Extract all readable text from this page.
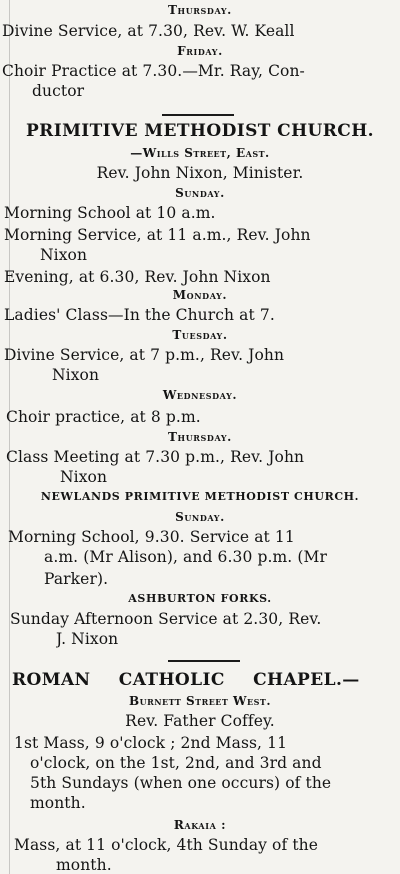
Thursday.

Divine Service, at 7.30, Rev. W. Keall

Friday.

Choir Practice at 7.30.—Mr. Ray, Con-

ductor

PRIMITIVE METHODIST CHURCH.

—Wills Street, East.

Rev. John Nixon, Minister.

Sunday.

Morning School at 10 a.m.

Morning Service, at 11 a.m., Rev. John

Nixon

Evening, at 6.30, Rev. John Nixon

Monday.

Ladies' Class—In the Church at 7.

Tuesday.

Divine Service, at 7 p.m., Rev. John

Nixon

Wednesday.

Choir practice, at 8 p.m.

Thursday.

Class Meeting at 7.30 p.m., Rev. John

Nixon

NEWLANDS PRIMITIVE METHODIST CHURCH.

Sunday.

Morning School, 9.30. Service at 11

a.m. (Mr Alison), and 6.30 p.m. (Mr

Parker).

ASHBURTON FORKS.

Sunday Afternoon Service at 2.30, Rev.

J. Nixon

ROMAN CATHOLIC CHAPEL.—

Burnett Street West.

Rev. Father Coffey.

1st Mass, 9 o'clock ; 2nd Mass, 11

o'clock, on the 1st, 2nd, and 3rd and

5th Sundays (when one occurs) of the

month.

Rakaia :

Mass, at 11 o'clock, 4th Sunday of the

month.
